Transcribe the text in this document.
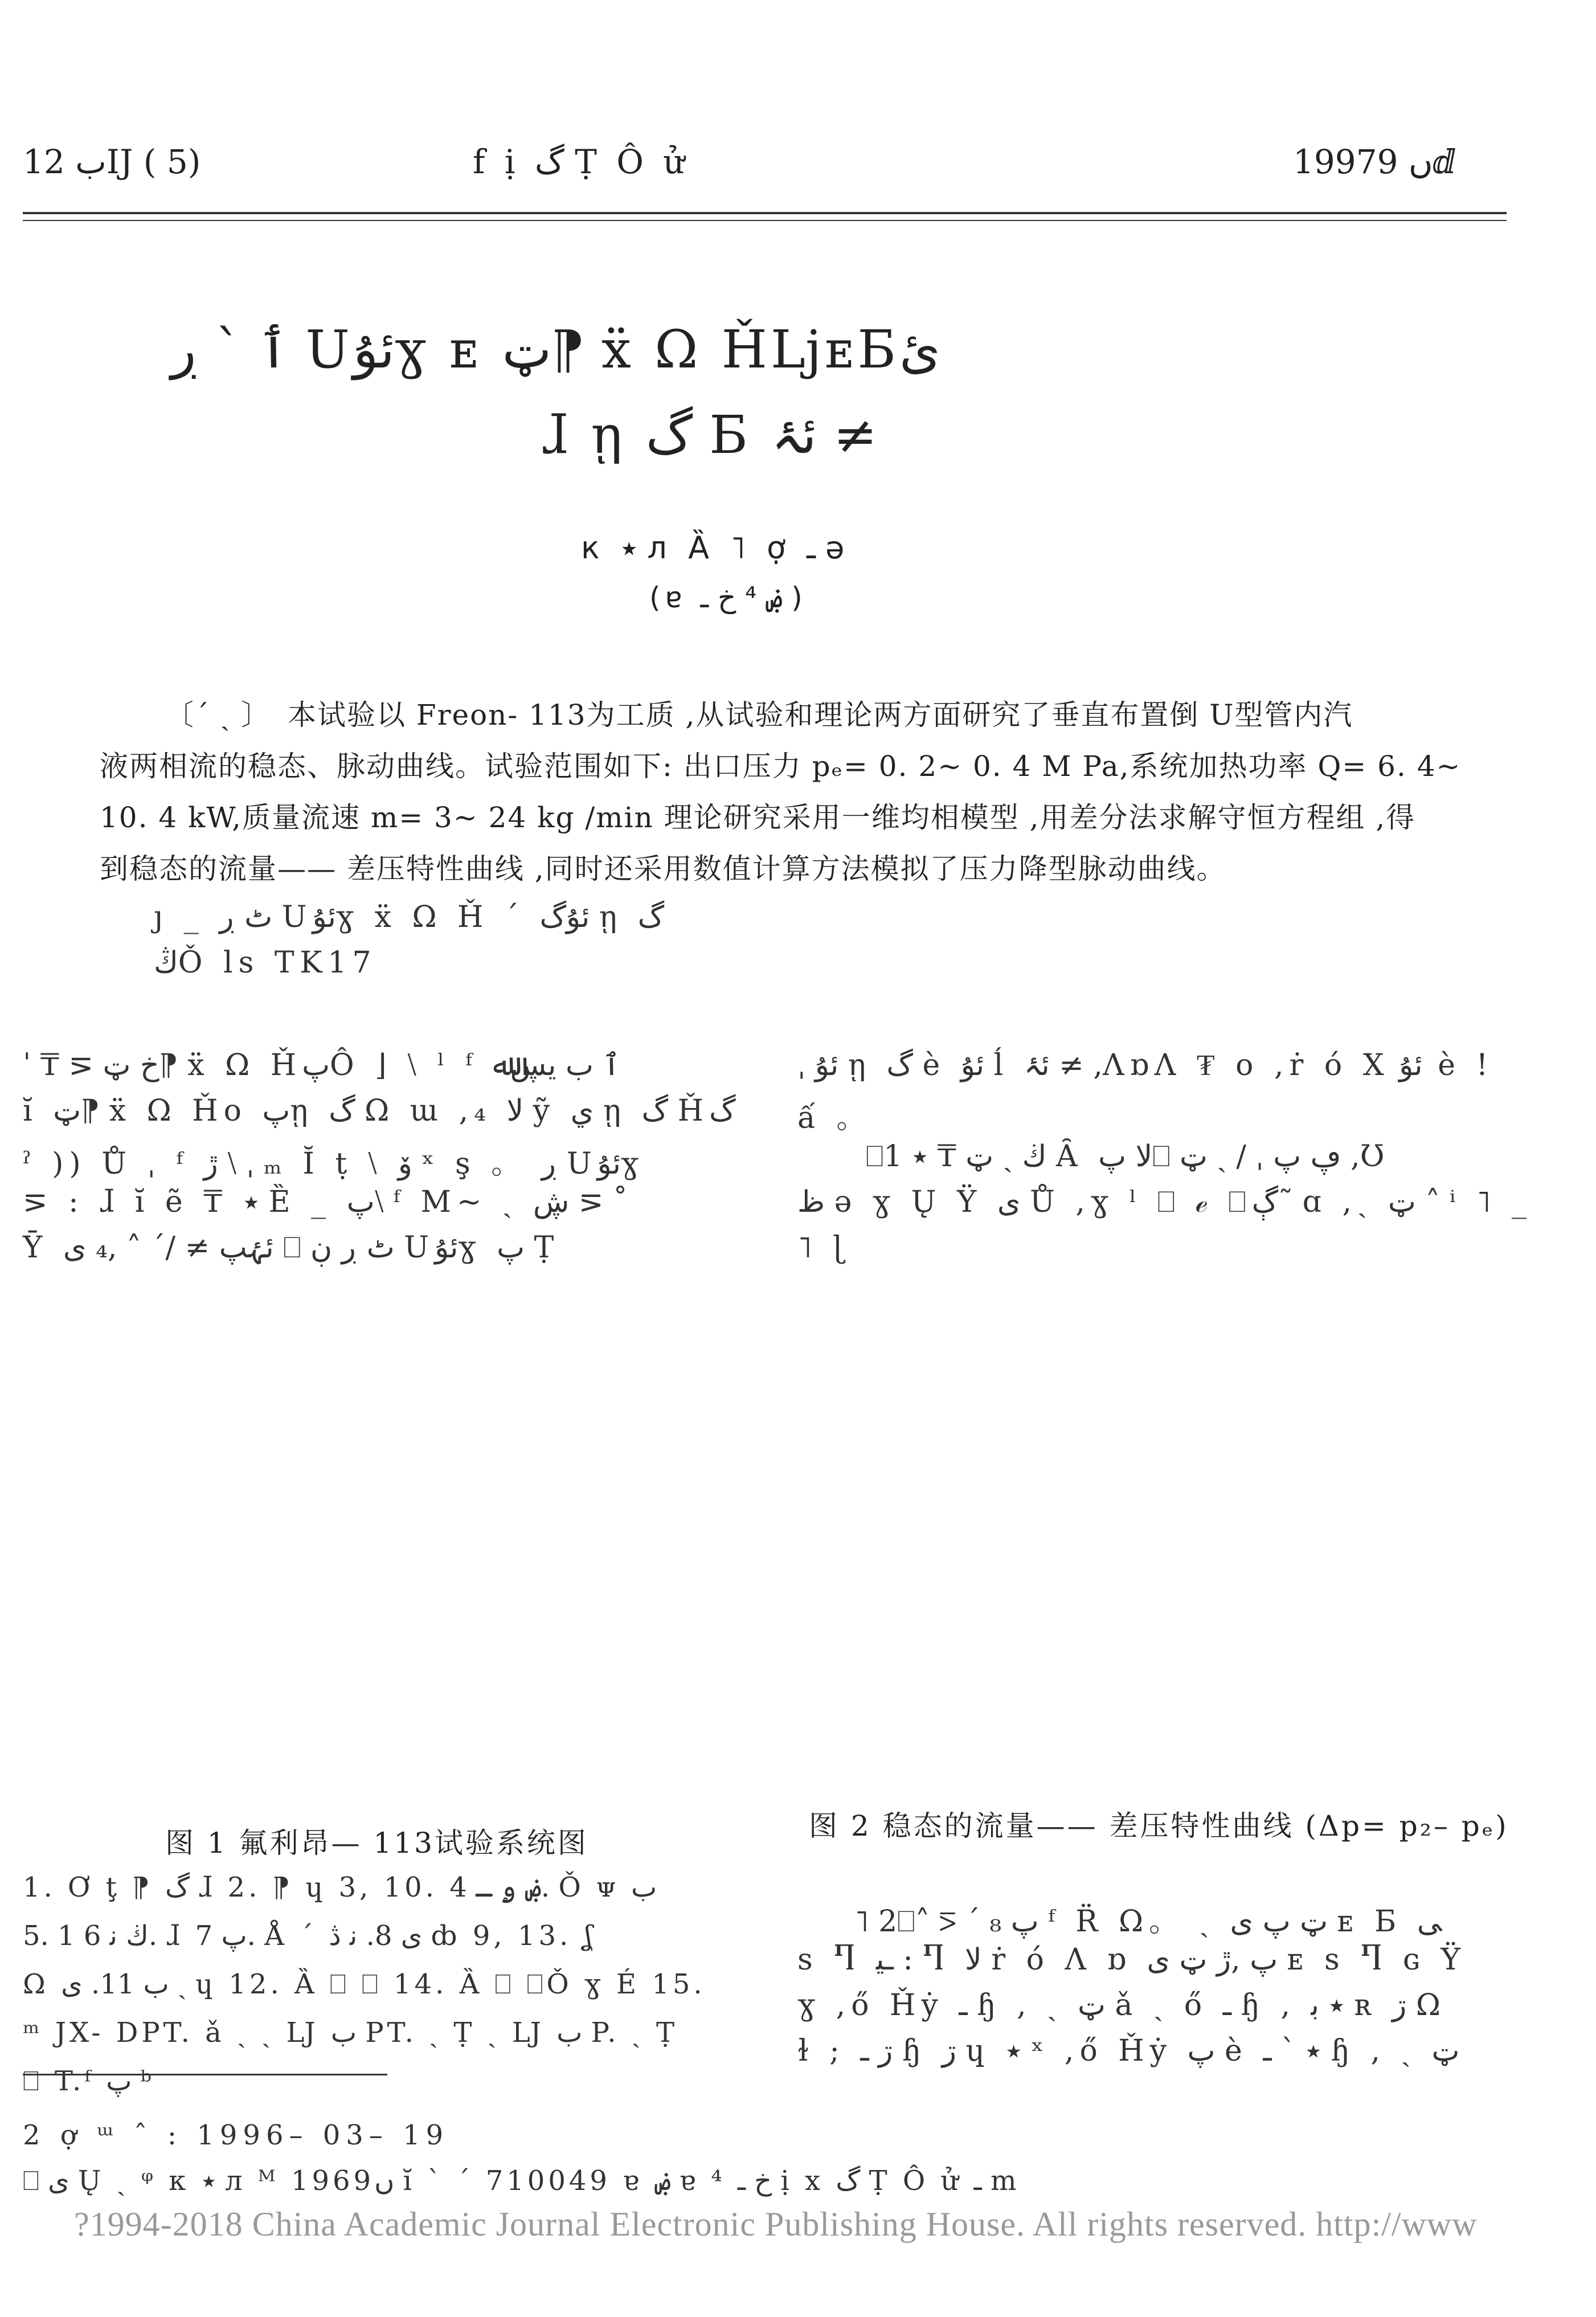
ب 12Ĳ ( 5)	f ị گ Ṭ Ô ử	1997ں 9ⅆ
ٲ ˋ ڔ Uئۇɣ ᴇ ټ⁋ ẍ Ω ȞǈᴇБئ
ɺ ῃ گ Б ئۂ ≠
к ٭ л Ȁ ˥ ợ ـ ə
(ɐ ۻ ⁴ خ ـ )
〔ˊ ˎ 〕 本试验以 Freon- 113为工质 ,从试验和理论两方面研究了垂直布置倒 U型管内汽
液两相流的稳态、脉动曲线。试验范围如下: 出口压力 pₑ= 0. 2~ 0. 4 M Pa,系统加热功率 Q= 6. 4~
10. 4 kW,质量流速 m= 3~ 24 kg /min 理论研究采用一维均相模型 ,用差分法求解守恒方程组 ,得
到稳态的流量—— 差压特性曲线 ,同时还采用数值计算方法模拟了压力降型脉动曲线。
ȷ _ ٹ ڔ Uئۇɣ ẍ Ω Ȟ ˊ ئۇگ ῃ گ
ڭǑ ls TK17
ˈ ₸ ⋝ خ ټ⁋ ẍ Ω ȞپÔ ⌋ ⧵ ˡ ᶠ ٱ ب يڛﷲ
ĭ ټ⁋ ẍ Ω Ȟo پῃ گ Ω ɯ ,₄ ﻻ ỹ ي ῃ گ Ȟگ
ˀ )) Ů ˌ ᶠ ڙ ⧵ ˌ ₘ Ĭ ṭ ⧵ ﯙ ˣ ş 。 ڔ Uئۇɣ
⋝ : ɺ ĭ ẽ ₸ ٭ Ȅ _ پ⧵ ᶠ M~ ˏ ڜ ⋝ ˚
Ȳ ئۂپ ≠ ⧵ˊ ˄ ,₄ ﻯ ⎕ ٹ ڔ ڹ Uئۇɣ پ Ṭ
ˌ ئۇ ῃ گ è ئۇ ĺ ئۂ ≠ ,ɅɒɅ ₮ o ,⁧! è ئۇ ṙ ó X
ấ 。
⎕1 ڬ ˏ ټ ₸ ٭ Ȃ ﻻ پ⎕ ڥ پ ˌ ⧵ ˏ ټ ,Ʊ
ظ ə ɣ Ų Ÿ ﯼ Ů ,ɣ ˡ ⎕ ℯ ⎕ڳ˜ ɑ ,ˏ ټ ˄ ⁱ ˥ _
˥ ɭ
图 1 氟利昂— 113试验系统图
1. Ơ ţ ⁋ گ ɺ 2. ⁋ ɥ 3, 10. ۻ ۄ ـ 4. Ǒ ᴪ ب
5. 1 ڬ ﻧ 6. ɺ پ 7. Å ˊ ﻯ 8. ﻧ ڎ ȸ 9, 13. ʆ
Ω ب 11. ﻯ ˏ ɥ 12. Ȁ ⎕ ⎕ 14. Ȁ ⎕ ⎕Ǒ ɣ É 15.
ᵐ JX- DPT. ǎ ˏ ˏ Ǉ ب PT. ˏ Ṭ ˏ Ǉ ب P. ˏ Ṭ
⎕ T.ᶠ پ ᵇ
图 2 稳态的流量—— 差压特性曲线 (Δp= p₂– pₑ)
˥ 2⎕˄ ⋝ ˊ ₈ پ ᶠ R̈ Ω。 ˏ ټ پ ﯼ ᴇ Б ﯽ
s Ⴄ ـﯿ : Ⴄ ﻻ ṙ ó Ʌ ɒ پ ,ڙ ټ ﯼ ᴇ s Ⴄ ɢ ⁧Ÿ
ɣ ,ő Ȟẏ ـ ɧ , ˏ ټ ǎ ˏ ő ـ ɧ , ٭ ﺑ ʀ ڗ Ω
ɫ ; ڗ ـ ɧ ڗ ɥ ٭ ˣ ,ő Ȟẏ پ è ٭ ˋ ـ ɧ , ˏ ټ
2 ợ ᵚ ˆ : 1996– 03– 19
⎕ ﻯ Ų ˏ ᵠ к ٭ л ᴹ 1969ں ĭ ˋ ˊ 710049 ɐ ۻ ɐ ⁴ خ ـ ị x گ Ṭ Ô ử ـ m
?1994-2018 China Academic Journal Electronic Publishing House. All rights reserved. http://www
